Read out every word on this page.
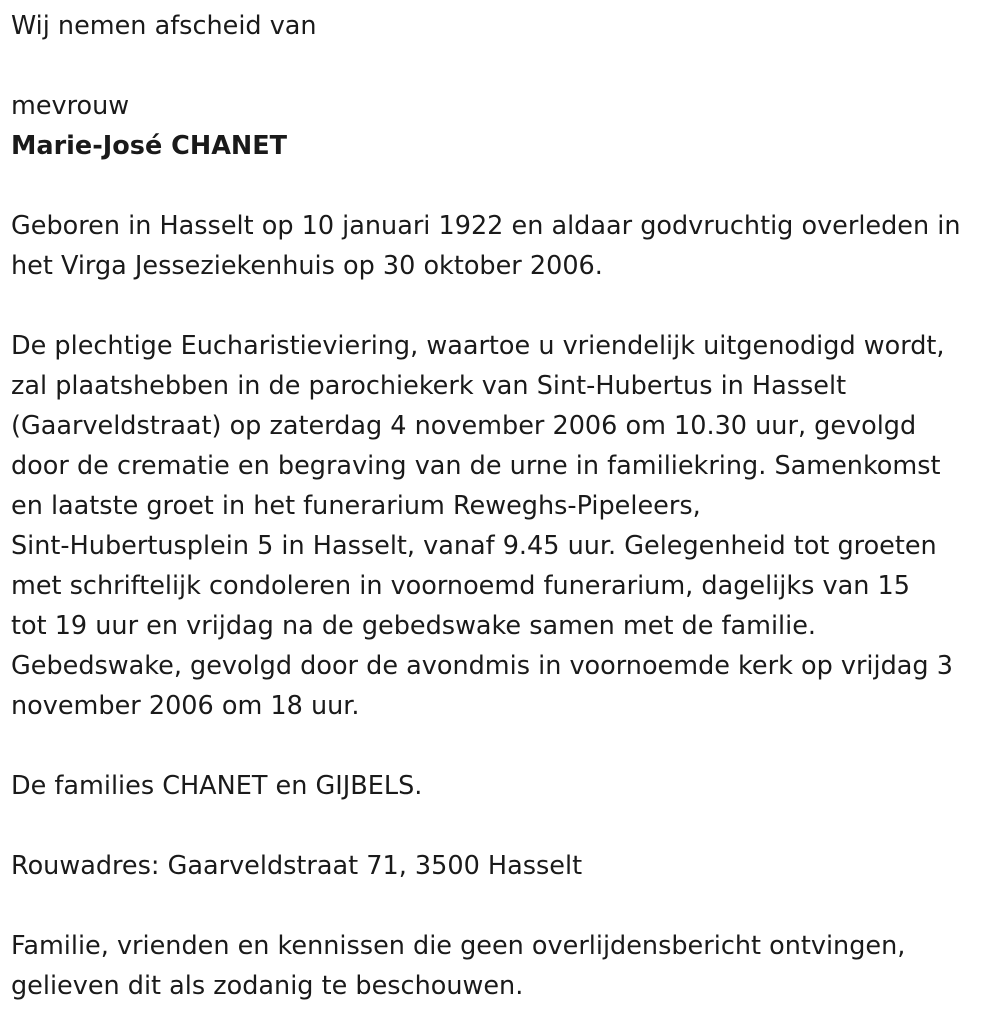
Wij nemen afscheid van

mevrouw

Marie-José CHANET

Geboren in Hasselt op 10 januari 1922 en aldaar godvruchtig overleden in

het Virga Jesseziekenhuis op 30 oktober 2006.

De plechtige Eucharistieviering, waartoe u vriendelijk uitgenodigd wordt,

zal plaatshebben in de parochiekerk van Sint-Hubertus in Hasselt

(Gaarveldstraat) op zaterdag 4 november 2006 om 10.30 uur, gevolgd

door de crematie en begraving van de urne in familiekring. Samenkomst

en laatste groet in het funerarium Reweghs-Pipeleers,

Sint-Hubertusplein 5 in Hasselt, vanaf 9.45 uur. Gelegenheid tot groeten

met schriftelijk condoleren in voornoemd funerarium, dagelijks van 15

tot 19 uur en vrijdag na de gebedswake samen met de familie.

Gebedswake, gevolgd door de avondmis in voornoemde kerk op vrijdag 3

november 2006 om 18 uur.

De families CHANET en GIJBELS.

Rouwadres: Gaarveldstraat 71, 3500 Hasselt

Familie, vrienden en kennissen die geen overlijdensbericht ontvingen,

gelieven dit als zodanig te beschouwen.
